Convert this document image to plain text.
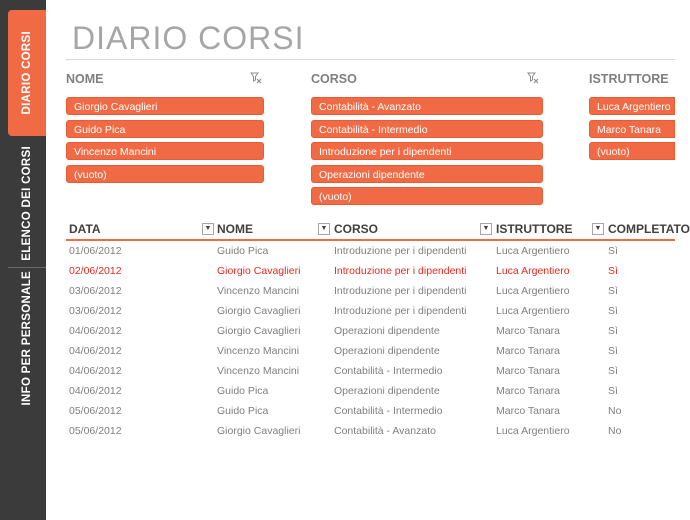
DIARIO CORSI
ELENCO DEI CORSI
INFO PER PERSONALE
DIARIO CORSI
NOME
Giorgio Cavaglieri
Guido Pica
Vincenzo Mancini
(vuoto)
CORSO
Contabilità - Avanzato
Contabilità - Intermedio
Introduzione per i dipendenti
Operazioni dipendente
(vuoto)
ISTRUTTORE
Luca Argentiero
Marco Tanara
(vuoto)
DATA	▼ NOME	▼ CORSO	▼ ISTRUTTORE	▼ COMPLETATO
01/06/2012	Guido Pica	Introduzione per i dipendenti	Luca Argentiero	Sì
02/06/2012	Giorgio Cavaglieri	Introduzione per i dipendenti	Luca Argentiero	Sì
03/06/2012	Vincenzo Mancini	Introduzione per i dipendenti	Luca Argentiero	Sì
03/06/2012	Giorgio Cavaglieri	Introduzione per i dipendenti	Luca Argentiero	Sì
04/06/2012	Giorgio Cavaglieri	Operazioni dipendente	Marco Tanara	Sì
04/06/2012	Vincenzo Mancini	Operazioni dipendente	Marco Tanara	Sì
04/06/2012	Vincenzo Mancini	Contabilità - Intermedio	Marco Tanara	Sì
04/06/2012	Guido Pica	Operazioni dipendente	Marco Tanara	Sì
05/06/2012	Guido Pica	Contabilità - Intermedio	Marco Tanara	No
05/06/2012	Giorgio Cavaglieri	Contabilità - Avanzato	Luca Argentiero	No
